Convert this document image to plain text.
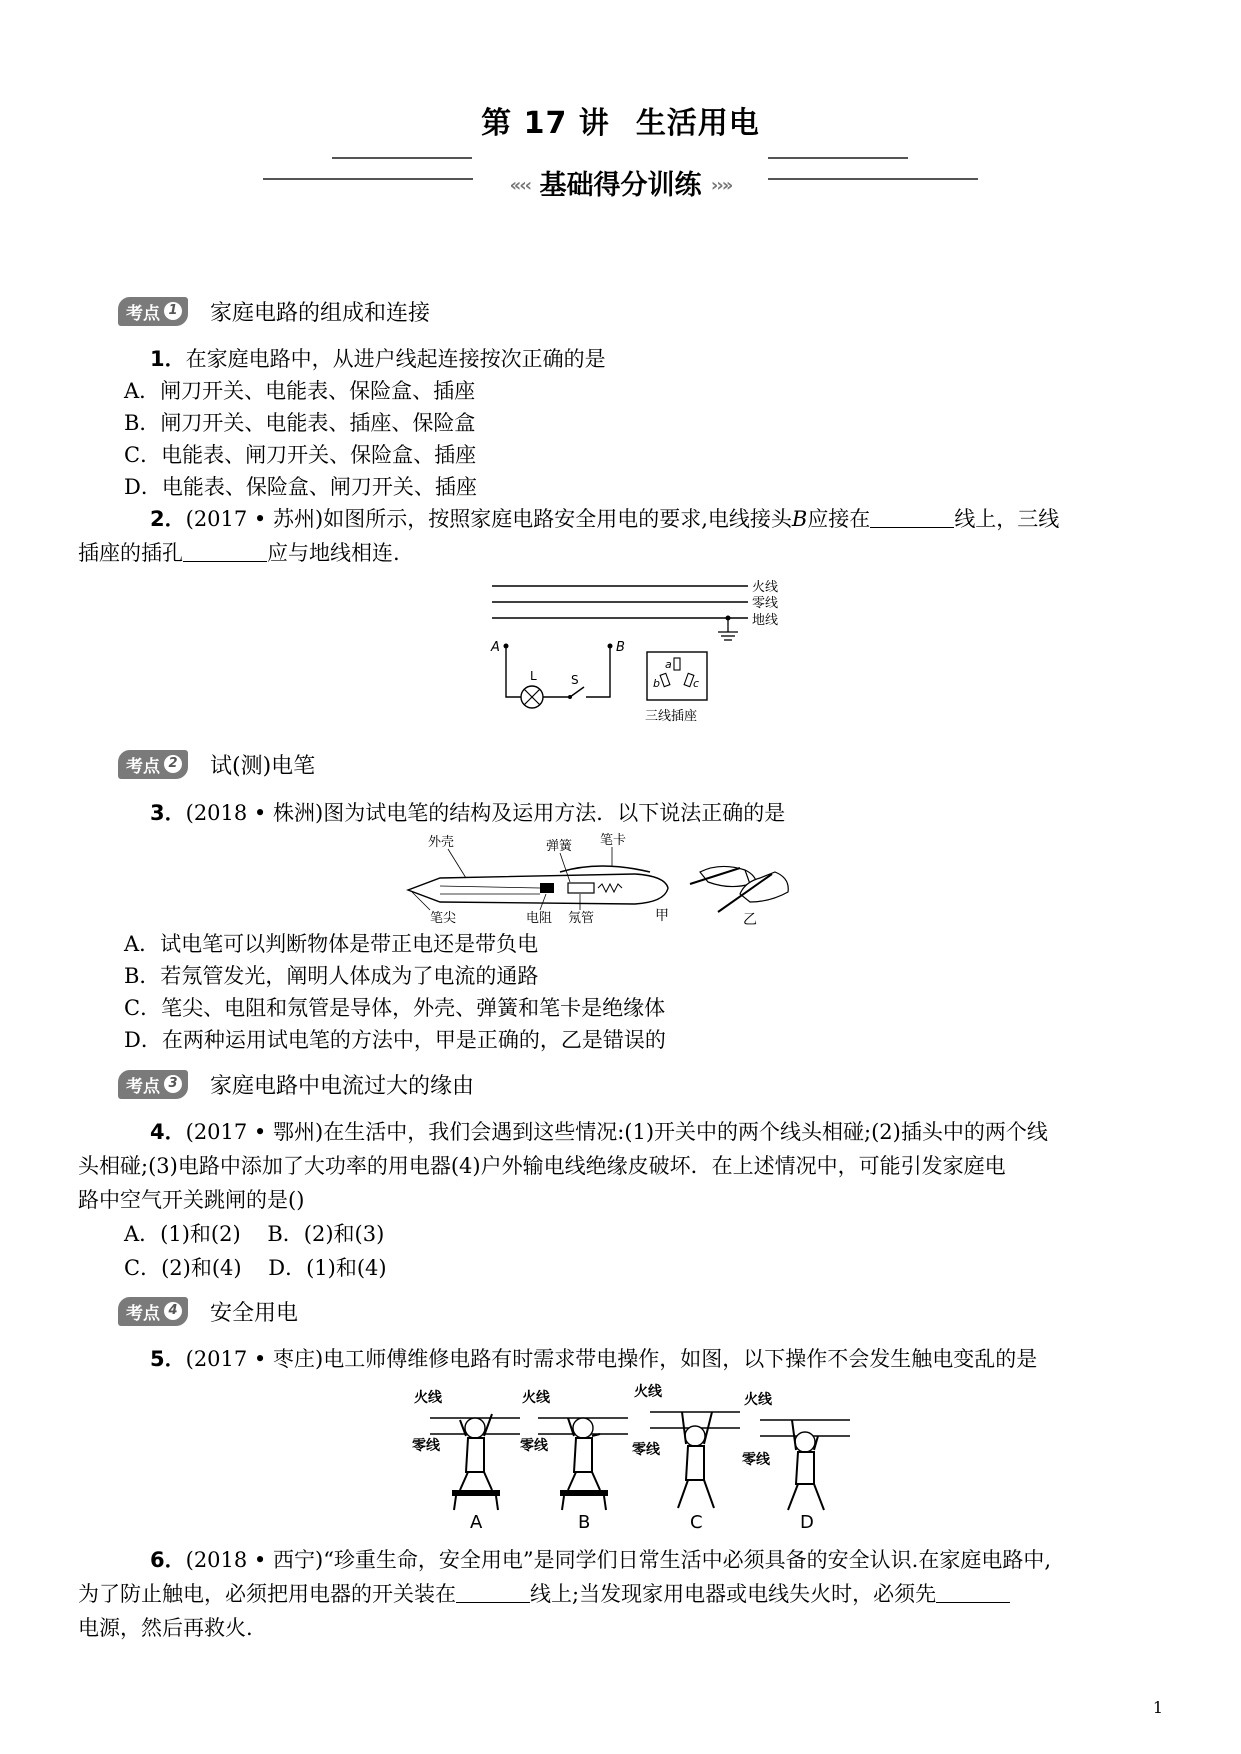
第 17 讲 生活用电
«‹‹ 基础得分训练 ››»
考点 1 家庭电路的组成和连接
1．在家庭电路中，从进户线起连接按次正确的是
A．闸刀开关、电能表、保险盒、插座
B．闸刀开关、电能表、插座、保险盒
C．电能表、闸刀开关、保险盒、插座
D．电能表、保险盒、闸刀开关、插座
2．(2017 • 苏州)如图所示，按照家庭电路安全用电的要求,电线接头B应接在	线上，三线
插座的插孔	应与地线相连.
火线
零线
地线
A	B
L	S
a
b	c
三线插座
考点 2 试(测)电笔
3．(2018 • 株洲)图为试电笔的结构及运用方法．以下说法正确的是
外壳	弹簧 笔卡
笔尖	电阻 氖管	甲	乙
A．试电笔可以判断物体是带正电还是带负电
B．若氖管发光，阐明人体成为了电流的通路
C．笔尖、电阻和氖管是导体，外壳、弹簧和笔卡是绝缘体
D．在两种运用试电笔的方法中，甲是正确的，乙是错误的
考点 3 家庭电路中电流过大的缘由
4．(2017 • 鄂州)在生活中，我们会遇到这些情况:(1)开关中的两个线头相碰;(2)插头中的两个线
头相碰;(3)电路中添加了大功率的用电器(4)户外输电线绝缘皮破坏．在上述情况中，可能引发家庭电
路中空气开关跳闸的是()
A．(1)和(2)    B．(2)和(3)
C．(2)和(4)    D．(1)和(4)
考点 4 安全用电
5．(2017 • 枣庄)电工师傅维修电路有时需求带电操作，如图，以下操作不会发生触电变乱的是
火线
零线
A
火线
零线
B
火线
零线
C
火线
零线
D
6．(2018 • 西宁)“珍重生命，安全用电”是同学们日常生活中必须具备的安全认识.在家庭电路中,
为了防止触电，必须把用电器的开关装在	线上;当发现家用电器或电线失火时，必须先
电源，然后再救火.
1
